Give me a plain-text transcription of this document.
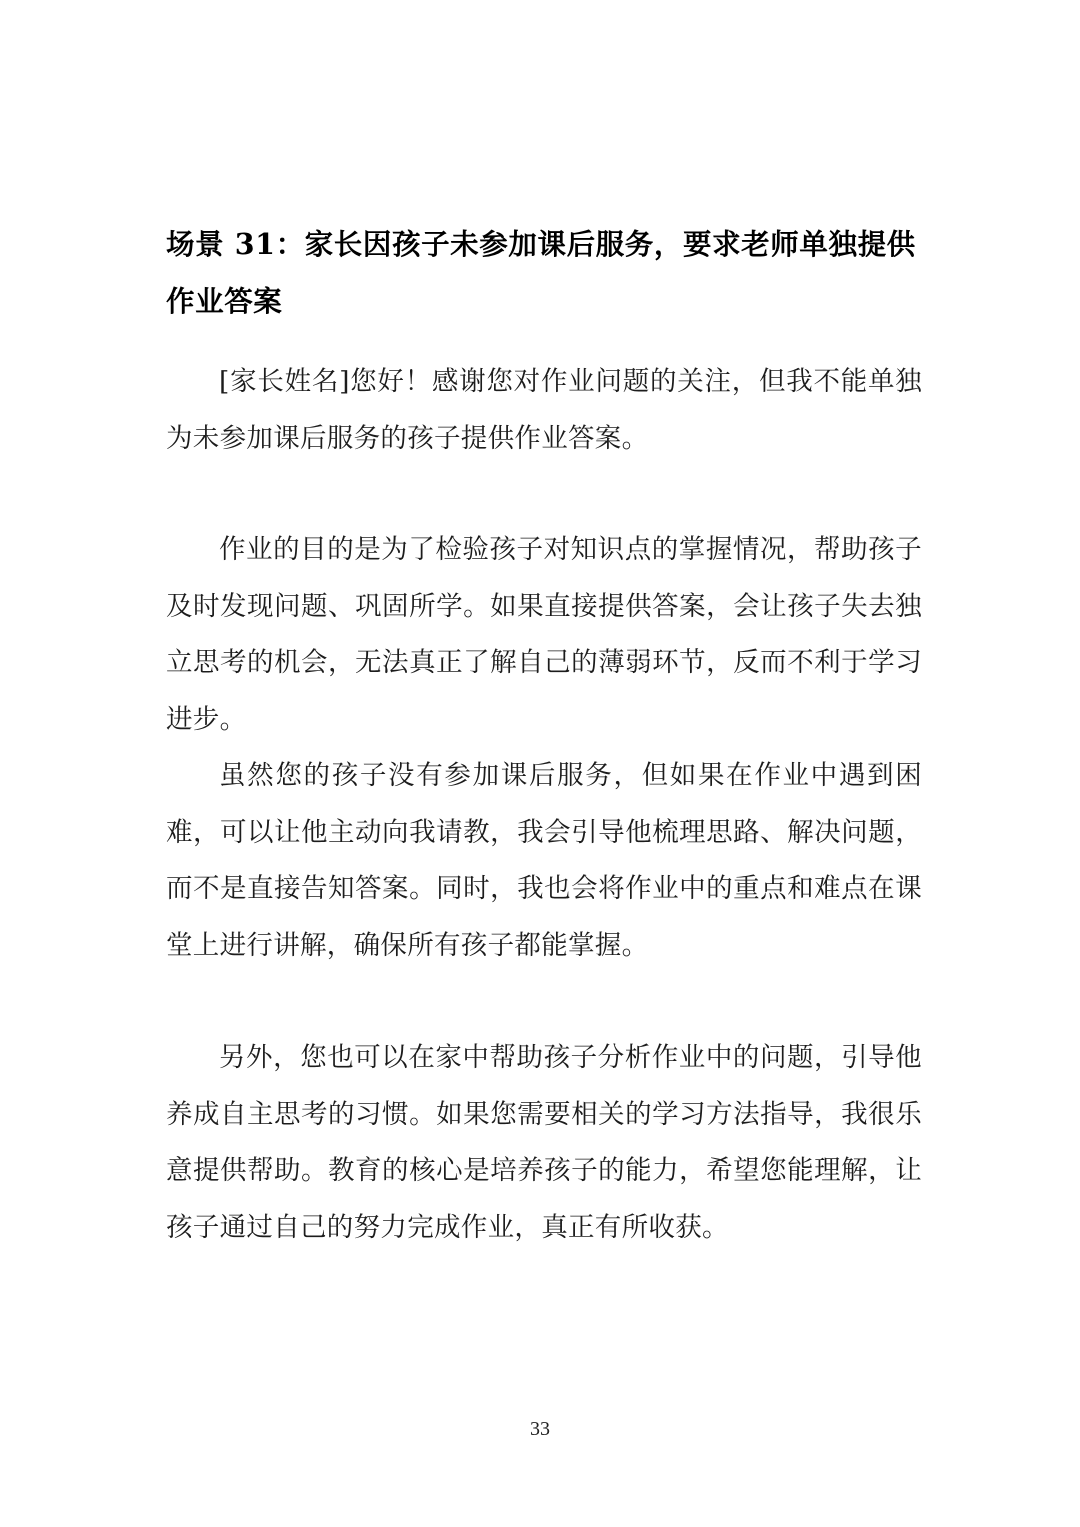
场景 31：家长因孩子未参加课后服务，要求老师单独提供作业答案

[家长姓名]您好！感谢您对作业问题的关注，但我不能单独为未参加课后服务的孩子提供作业答案。

作业的目的是为了检验孩子对知识点的掌握情况，帮助孩子及时发现问题、巩固所学。如果直接提供答案，会让孩子失去独立思考的机会，无法真正了解自己的薄弱环节，反而不利于学习进步。

虽然您的孩子没有参加课后服务，但如果在作业中遇到困难，可以让他主动向我请教，我会引导他梳理思路、解决问题，而不是直接告知答案。同时，我也会将作业中的重点和难点在课堂上进行讲解，确保所有孩子都能掌握。

另外，您也可以在家中帮助孩子分析作业中的问题，引导他养成自主思考的习惯。如果您需要相关的学习方法指导，我很乐意提供帮助。教育的核心是培养孩子的能力，希望您能理解，让孩子通过自己的努力完成作业，真正有所收获。

33
